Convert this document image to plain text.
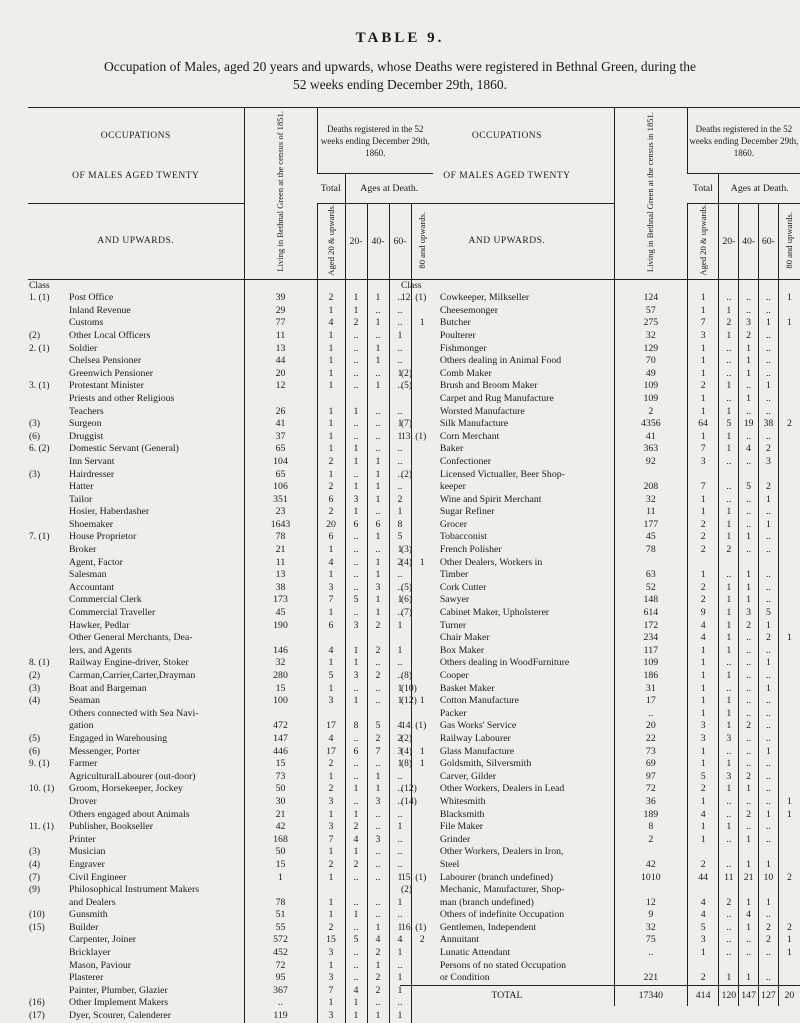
TABLE 9.
Occupation of Males, aged 20 years and upwards, whose Deaths were registered in Bethnal Green, during the
52 weeks ending December 29th, 1860.
OCCUPATIONS
OF MALES AGED TWENTY		Living in Bethnal Green at the census of 1851.	Deaths registered in the 52 weeks ending December 29th, 1860.				

			Total	Ages at Death.			

AND UPWARDS.			Aged 20 & upwards.	20-	40-	60-	80 and upwards.
Class							
1. (1)	Post Office	39	2	1	1	..	
	Inland Revenue	29	1	1	..	..	
	Customs	77	4	2	1	..	1
(2)	Other Local Officers	11	1	..	..	1	
2. (1)	Soldier	13	1	..	1	..	
	Chelsea Pensioner	44	1	..	1	..	
	Greenwich Pensioner	20	1	..	..	1	
3. (1)	Protestant Minister	12	1	..	1	..	
	Priests and other Religious						
	Teachers	26	1	1	..	..	
(3)	Surgeon	41	1	..	..	1	
(6)	Druggist	37	1	..	..	1	
6. (2)	Domestic Servant (General)	65	1	1	..	..	
	Inn Servant	104	2	1	1	..	
(3)	Hairdresser	65	1	..	1	..	
	Hatter	106	2	1	1	..	
	Tailor	351	6	3	1	2	
	Hosier, Haberdasher	23	2	1	..	1	
	Shoemaker	1643	20	6	6	8	
7. (1)	House Proprietor	78	6	..	1	5	
	Broker	21	1	..	..	1	
	Agent, Factor	11	4	..	1	2	1
	Salesman	13	1	..	1	..	
	Accountant	38	3	..	3	..	
	Commercial Clerk	173	7	5	1	1	
	Commercial Traveller	45	1	..	1	..	
	Hawker, Pedlar	190	6	3	2	1	
	Other General Merchants, Dea-						
	lers, and Agents	146	4	1	2	1	
8. (1)	Railway Engine-driver, Stoker	32	1	1	..	..	
(2)	Carman,Carrier,Carter,Drayman	280	5	3	2	..	
(3)	Boat and Bargeman	15	1	..	..	1	
(4)	Seaman	100	3	1	..	1	1
	Others connected with Sea Navi-						
	gation	472	17	8	5	4	
(5)	Engaged in Warehousing	147	4	..	2	2	
(6)	Messenger, Porter	446	17	6	7	3	1
9. (1)	Farmer	15	2	..	..	1	1
	AgriculturalLabourer (out-door)	73	1	..	1	..	
10. (1)	Groom, Horsekeeper, Jockey	50	2	1	1	..	
	Drover	30	3	..	3	..	
	Others engaged about Animals	21	1	1	..	..	
11. (1)	Publisher, Bookseller	42	3	2	..	1	
	Printer	168	7	4	3	..	
(3)	Musician	50	1	1	..	..	
(4)	Engraver	15	2	2	..	..	
(7)	Civil Engineer	1	1	..	..	1	
(9)	Philosophical Instrument Makers						
	and Dealers	78	1	..	..	1	
(10)	Gunsmith	51	1	1	..	..	
(15)	Builder	55	2	..	1	1	
	Carpenter, Joiner	572	15	5	4	4	2
	Bricklayer	452	3	..	2	1	
	Mason, Paviour	72	1	..	1	..	
	Plasterer	95	3	..	2	1	
	Painter, Plumber, Glazier	367	7	4	2	1	
(16)	Other Implement Makers	..	1	1	..	..	
(17)	Dyer, Scourer, Calenderer	119	3	1	1	1	
OCCUPATIONS
OF MALES AGED TWENTY		Living in Bethnal Green at the census in 1851.	Deaths registered in the 52 weeks ending December 29th, 1860.				

			Total	Ages at Death.			

AND UPWARDS.			Aged 20 & upwards.	20-	40-	60-	80 and upwards.
Class							
12. (1)	Cowkeeper, Milkseller	124	1	..	..	..	1
	Cheesemonger	57	1	1	..	..	
	Butcher	275	7	2	3	1	1
	Poulterer	32	3	1	2	..	
	Fishmonger	129	1	..	1	..	
	Others dealing in Animal Food	70	1	..	1	..	
(2)	Comb Maker	49	1	..	1	..	
(5)	Brush and Broom Maker	109	2	1	..	1	
	Carpet and Rug Manufacture	109	1	..	1	..	
	Worsted Manufacture	2	1	1	..	..	
(7)	Silk Manufacture	4356	64	5	19	38	2
13. (1)	Corn Merchant	41	1	1	..	..	
	Baker	363	7	1	4	2	
	Confectioner	92	3	..	..	3	
(2)	Licensed Victualler, Beer Shop-						
	keeper	208	7	..	5	2	
	Wine and Spirit Merchant	32	1	..	..	1	
	Sugar Refiner	11	1	1	..	..	
	Grocer	177	2	1	..	1	
	Tobacconist	45	2	1	1	..	
(3)	French Polisher	78	2	2	..	..	
(4)	Other Dealers, Workers in						
	Timber	63	1	..	1	..	
(5)	Cork Cutter	52	2	1	1	..	
(6)	Sawyer	148	2	1	1	..	
(7)	Cabinet Maker, Upholsterer	614	9	1	3	5	
	Turner	172	4	1	2	1	
	Chair Maker	234	4	1	..	2	1
	Box Maker	117	1	1	..	..	
	Others dealing in WoodFurniture	109	1	..	..	1	
(8)	Cooper	186	1	1	..	..	
(10)	Basket Maker	31	1	..	..	1	
(12)	Cotton Manufacture	17	1	1	..	..	
	Packer	..	1	1	..	..	
14. (1)	Gas Works' Service	20	3	1	2	..	
(2)	Railway Labourer	22	3	3	..	..	
(4)	Glass Manufacture	73	1	..	..	1	
(8)	Goldsmith, Silversmith	69	1	1	..	..	
	Carver, Gilder	97	5	3	2	..	
(12)	Other Workers, Dealers in Lead	72	2	1	1	..	
(14)	Whitesmith	36	1	..	..	..	1
	Blacksmith	189	4	..	2	1	1
	File Maker	8	1	1	..	..	
	Grinder	2	1	..	1	..	
	Other Workers, Dealers in Iron,						
	Steel	42	2	..	1	1	
15. (1)	Labourer (branch undefined)	1010	44	11	21	10	2
(2)	Mechanic, Manufacturer, Shop-						
	man (branch undefined)	12	4	2	1	1	
	Others of indefinite Occupation	9	4	..	4	..	
16. (1)	Gentlemen, Independent	32	5	..	1	2	2
	Annuitant	75	3	..	..	2	1
	Lunatic Attendant	..	1	..	..	..	1
	Persons of no stated Occupation						
	or Condition	221	2	1	1	..	
TOTAL		17340	414	120	147	127	20
